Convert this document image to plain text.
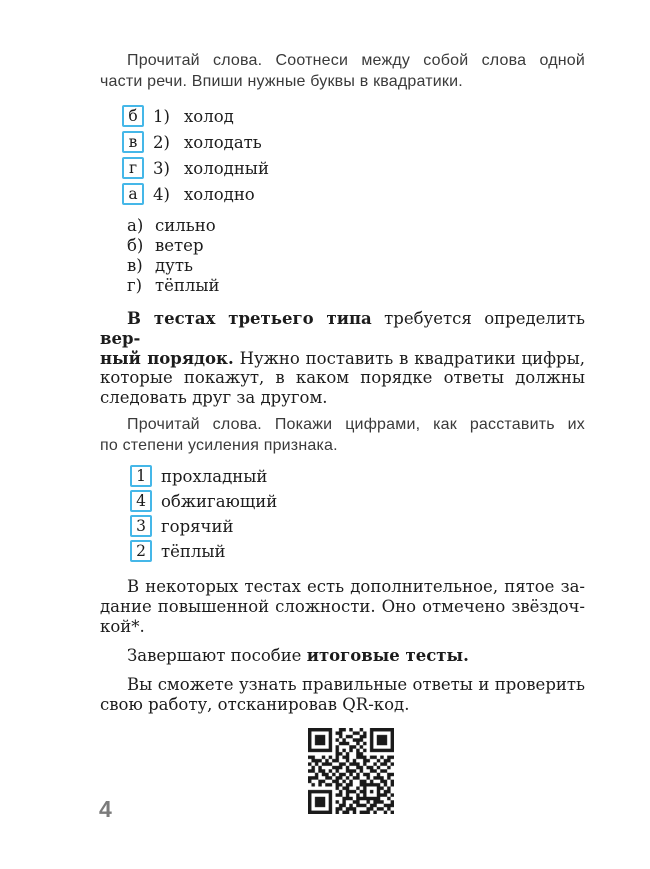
Прочитай слова. Соотнеси между собой слова одной
части речи. Впиши нужные буквы в квадратики.
б 1) холод
в 2) холодать
г 3) холодный
а 4) холодно
а) сильно
б) ветер
в) дуть
г) тёплый
В тестах третьего типа требуется определить вер-
ный порядок. Нужно поставить в квадратики цифры,
которые покажут, в каком порядке ответы должны
следовать друг за другом.
Прочитай слова. Покажи цифрами, как расставить их
по степени усиления признака.
1 прохладный
4 обжигающий
3 горячий
2 тёплый
В некоторых тестах есть дополнительное, пятое за-
дание повышенной сложности. Оно отмечено звёздоч-
кой*.
Завершают пособие итоговые тесты.
Вы сможете узнать правильные ответы и проверить
свою работу, отсканировав QR-код.
4
